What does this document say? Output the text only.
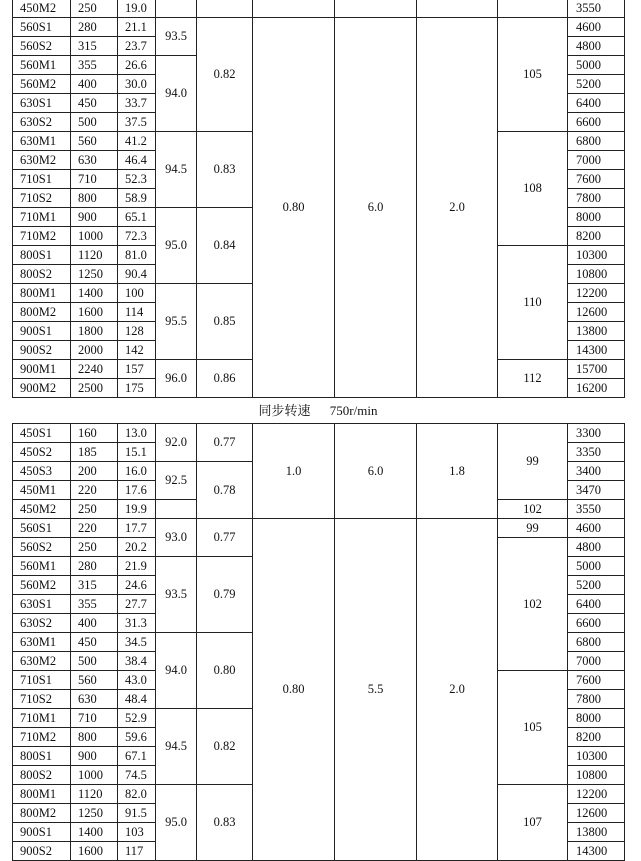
450M2	250	19.0							3550
560S1	280	21.1	93.5	0.82	0.80	6.0	2.0	105	4600
560S2	315	23.7							4800
560M1	355	26.6	94.0						5000
560M2	400	30.0							5200
630S1	450	33.7							6400
630S2	500	37.5							6600
630M1	560	41.2	94.5	0.83				108	6800
630M2	630	46.4							7000
710S1	710	52.3							7600
710S2	800	58.9							7800
710M1	900	65.1	95.0	0.84					8000
710M2	1000	72.3							8200
800S1	1120	81.0						110	10300
800S2	1250	90.4							10800
800M1	1400	100	95.5	0.85					12200
800M2	1600	114							12600
900S1	1800	128							13800
900S2	2000	142							14300
900M1	2240	157	96.0	0.86				112	15700
900M2	2500	175							16200
同步转速 750r/min
450S1	160	13.0	92.0	0.77	1.0	6.0	1.8	99	3300
450S2	185	15.1							3350
450S3	200	16.0	92.5	0.78					3400
450M1	220	17.6							3470
450M2	250	19.9						102	3550
560S1	220	17.7	93.0	0.77	0.80	5.5	2.0	99	4600
560S2	250	20.2						102	4800
560M1	280	21.9	93.5	0.79					5000
560M2	315	24.6							5200
630S1	355	27.7							6400
630S2	400	31.3							6600
630M1	450	34.5	94.0	0.80					6800
630M2	500	38.4							7000
710S1	560	43.0						105	7600
710S2	630	48.4							7800
710M1	710	52.9	94.5	0.82					8000
710M2	800	59.6							8200
800S1	900	67.1							10300
800S2	1000	74.5							10800
800M1	1120	82.0	95.0	0.83				107	12200
800M2	1250	91.5							12600
900S1	1400	103							13800
900S2	1600	117							14300
